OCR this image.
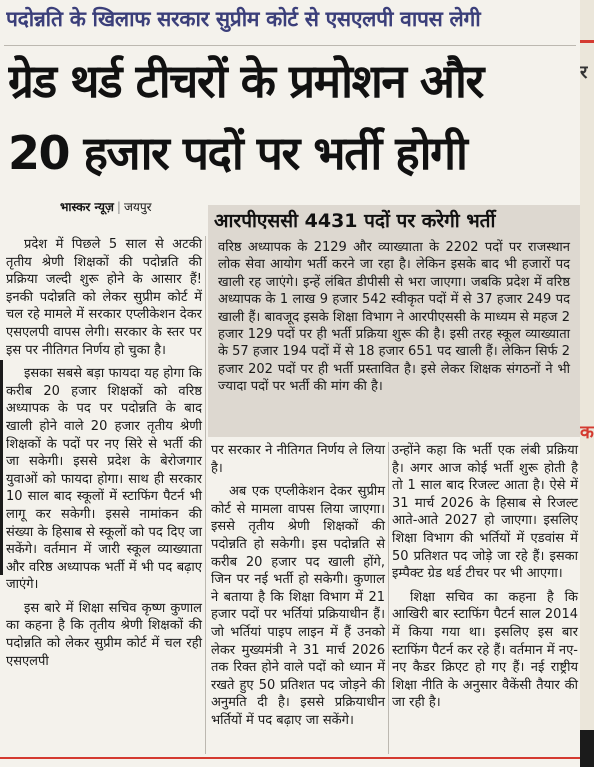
पदोन्नति के खिलाफ सरकार सुप्रीम कोर्ट से एसएलपी वापस लेगी
ग्रेड थर्ड टीचरों के प्रमोशन और
20 हजार पदों पर भर्ती होगी
भास्कर न्यूज़ | जयपुर
आरपीएससी 4431 पदों पर करेगी भर्ती
वरिष्ठ अध्यापक के 2129 और व्याख्याता के 2202 पदों पर राजस्थान लोक सेवा आयोग भर्ती करने जा रहा है। लेकिन इसके बाद भी हजारों पद खाली रह जाएंगे। इन्हें लंबित डीपीसी से भरा जाएगा। जबकि प्रदेश में वरिष्ठ अध्यापक के 1 लाख 9 हजार 542 स्वीकृत पदों में से 37 हजार 249 पद खाली हैं। बावजूद इसके शिक्षा विभाग ने आरपीएससी के माध्यम से महज 2 हजार 129 पदों पर ही भर्ती प्रक्रिया शुरू की है। इसी तरह स्कूल व्याख्याता के 57 हजार 194 पदों में से 18 हजार 651 पद खाली हैं। लेकिन सिर्फ 2 हजार 202 पदों पर ही भर्ती प्रस्तावित है। इसे लेकर शिक्षक संगठनों ने भी ज्यादा पदों पर भर्ती की मांग की है।

प्रदेश में पिछले 5 साल से अटकी तृतीय श्रेणी शिक्षकों की पदोन्नति की प्रक्रिया जल्दी शुरू होने के आसार हैं! इनकी पदोन्नति को लेकर सुप्रीम कोर्ट में चल रहे मामले में सरकार एप्लीकेशन देकर एसएलपी वापस लेगी। सरकार के स्तर पर इस पर नीतिगत निर्णय हो चुका है।

इसका सबसे बड़ा फायदा यह होगा कि करीब 20 हजार शिक्षकों को वरिष्ठ अध्यापक के पद पर पदोन्नति के बाद खाली होने वाले 20 हजार तृतीय श्रेणी शिक्षकों के पदों पर नए सिरे से भर्ती की जा सकेगी। इससे प्रदेश के बेरोजगार युवाओं को फायदा होगा। साथ ही सरकार 10 साल बाद स्कूलों में स्टाफिंग पैटर्न भी लागू कर सकेगी। इससे नामांकन की संख्या के हिसाब से स्कूलों को पद दिए जा सकेंगे। वर्तमान में जारी स्कूल व्याख्याता और वरिष्ठ अध्यापक भर्ती में भी पद बढ़ाए जाएंगे।

इस बारे में शिक्षा सचिव कृष्ण कुणाल का कहना है कि तृतीय श्रेणी शिक्षकों की पदोन्नति को लेकर सुप्रीम कोर्ट में चल रही एसएलपी

पर सरकार ने नीतिगत निर्णय ले लिया है।

अब एक एप्लीकेशन देकर सुप्रीम कोर्ट से मामला वापस लिया जाएगा। इससे तृतीय श्रेणी शिक्षकों की पदोन्नति हो सकेगी। इस पदोन्नति से करीब 20 हजार पद खाली होंगे, जिन पर नई भर्ती हो सकेगी। कुणाल ने बताया है कि शिक्षा विभाग में 21 हजार पदों पर भर्तियां प्रक्रियाधीन हैं। जो भर्तियां पाइप लाइन में हैं उनको लेकर मुख्यमंत्री ने 31 मार्च 2026 तक रिक्त होने वाले पदों को ध्यान में रखते हुए 50 प्रतिशत पद जोड़ने की अनुमति दी है। इससे प्रक्रियाधीन भर्तियों में पद बढ़ाए जा सकेंगे।

उन्होंने कहा कि भर्ती एक लंबी प्रक्रिया है। अगर आज कोई भर्ती शुरू होती है तो 1 साल बाद रिजल्ट आता है। ऐसे में 31 मार्च 2026 के हिसाब से रिजल्ट आते-आते 2027 हो जाएगा। इसलिए शिक्षा विभाग की भर्तियों में एडवांस में 50 प्रतिशत पद जोड़े जा रहे हैं। इसका इम्पैक्ट ग्रेड थर्ड टीचर पर भी आएगा।

शिक्षा सचिव का कहना है कि आखिरी बार स्टाफिंग पैटर्न साल 2014 में किया गया था। इसलिए इस बार स्टाफिंग पैटर्न कर रहे हैं। वर्तमान में नए-नए कैडर क्रिएट हो गए हैं। नई राष्ट्रीय शिक्षा नीति के अनुसार वैकेंसी तैयार की जा रही है।

र
क
